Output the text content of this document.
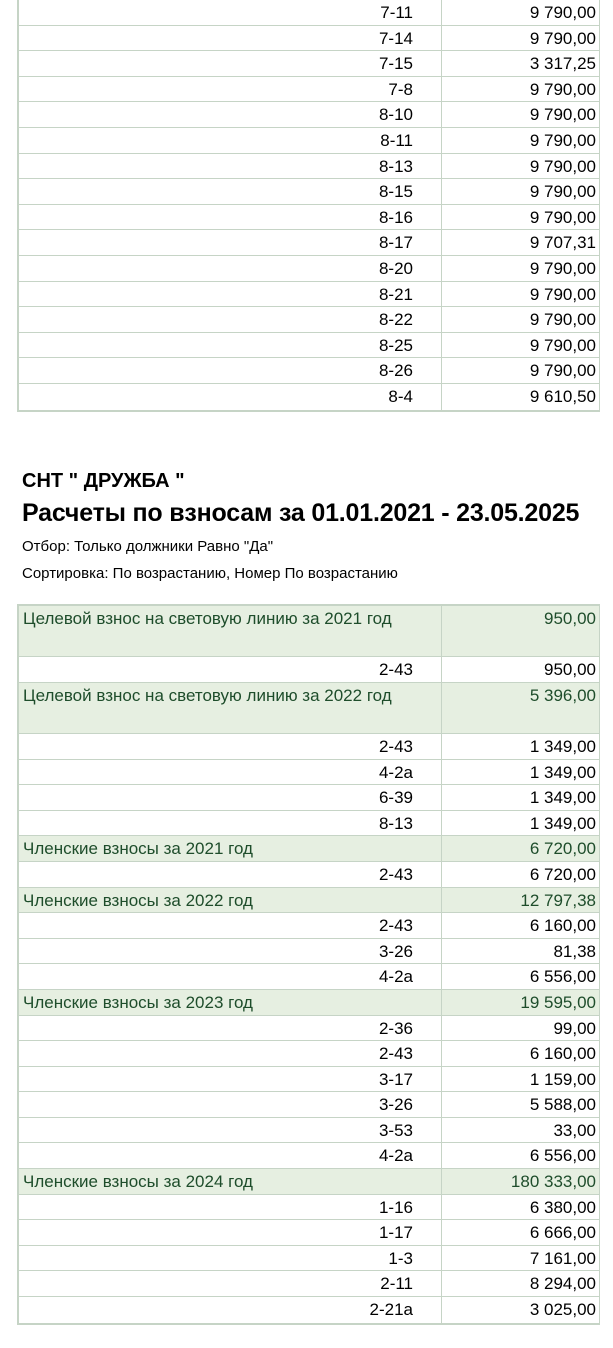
7-11	9 790,00
7-14	9 790,00
7-15	3 317,25
7-8	9 790,00
8-10	9 790,00
8-11	9 790,00
8-13	9 790,00
8-15	9 790,00
8-16	9 790,00
8-17	9 707,31
8-20	9 790,00
8-21	9 790,00
8-22	9 790,00
8-25	9 790,00
8-26	9 790,00
8-4	9 610,50
СНТ " ДРУЖБА "
Расчеты по взносам за 01.01.2021 - 23.05.2025
Отбор: Только должники Равно "Да"
Сортировка: По возрастанию, Номер По возрастанию
Целевой взнос на световую линию за 2021 год	950,00
2-43	950,00
Целевой взнос на световую линию за 2022 год	5 396,00
2-43	1 349,00
4-2а	1 349,00
6-39	1 349,00
8-13	1 349,00
Членские взносы за 2021 год	6 720,00
2-43	6 720,00
Членские взносы за 2022 год	12 797,38
2-43	6 160,00
3-26	81,38
4-2а	6 556,00
Членские взносы за 2023 год	19 595,00
2-36	99,00
2-43	6 160,00
3-17	1 159,00
3-26	5 588,00
3-53	33,00
4-2а	6 556,00
Членские взносы за 2024 год	180 333,00
1-16	6 380,00
1-17	6 666,00
1-3	7 161,00
2-11	8 294,00
2-21а	3 025,00
